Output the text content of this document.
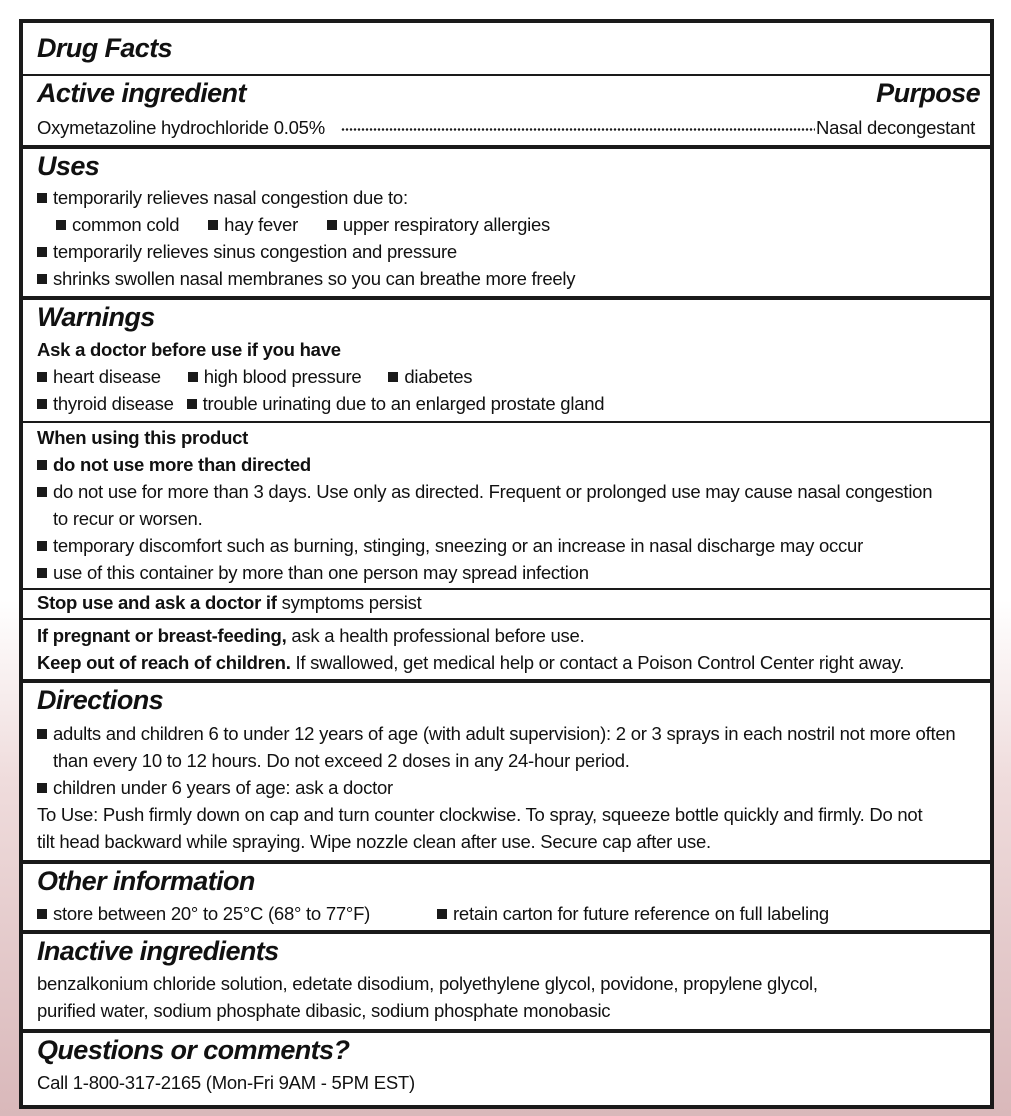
Drug Facts
Active ingredient	Purpose
Oxymetazoline hydrochloride 0.05%	Nasal decongestant
Uses
temporarily relieves nasal congestion due to:
common cold hay fever upper respiratory allergies
temporarily relieves sinus congestion and pressure
shrinks swollen nasal membranes so you can breathe more freely
Warnings
Ask a doctor before use if you have
heart disease high blood pressure diabetes
thyroid disease trouble urinating due to an enlarged prostate gland
When using this product
do not use more than directed
do not use for more than 3 days. Use only as directed. Frequent or prolonged use may cause nasal congestion
to recur or worsen.
temporary discomfort such as burning, stinging, sneezing or an increase in nasal discharge may occur
use of this container by more than one person may spread infection
Stop use and ask a doctor if symptoms persist
If pregnant or breast-feeding, ask a health professional before use.
Keep out of reach of children. If swallowed, get medical help or contact a Poison Control Center right away.
Directions
adults and children 6 to under 12 years of age (with adult supervision): 2 or 3 sprays in each nostril not more often
than every 10 to 12 hours. Do not exceed 2 doses in any 24-hour period.
children under 6 years of age: ask a doctor
To Use: Push firmly down on cap and turn counter clockwise. To spray, squeeze bottle quickly and firmly. Do not
tilt head backward while spraying. Wipe nozzle clean after use. Secure cap after use.
Other information
store between 20° to 25°C (68° to 77°F)	retain carton for future reference on full labeling
Inactive ingredients
benzalkonium chloride solution, edetate disodium, polyethylene glycol, povidone, propylene glycol,
purified water, sodium phosphate dibasic, sodium phosphate monobasic
Questions or comments?
Call 1-800-317-2165 (Mon-Fri 9AM - 5PM EST)
